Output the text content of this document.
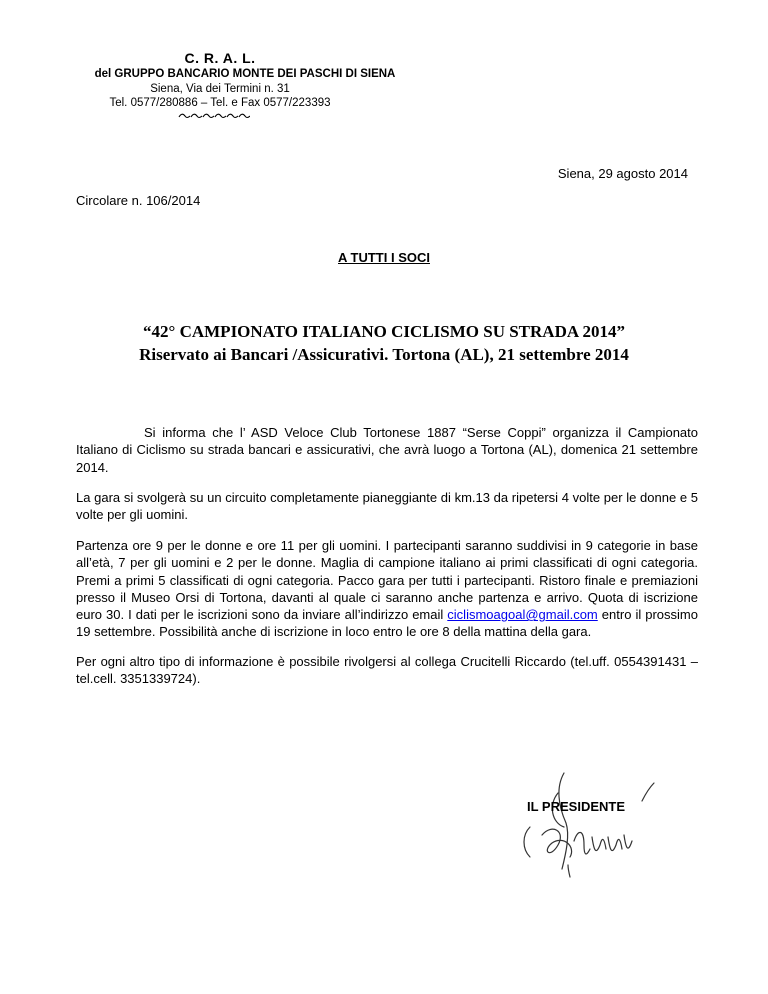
C. R. A. L.
del GRUPPO BANCARIO MONTE DEI PASCHI DI SIENA
Siena, Via dei Termini n. 31
Tel. 0577/280886 – Tel. e Fax 0577/223393
Siena, 29 agosto 2014
Circolare n. 106/2014
A TUTTI I SOCI
“42° CAMPIONATO ITALIANO CICLISMO SU STRADA 2014”
Riservato ai Bancari /Assicurativi. Tortona (AL), 21 settembre 2014
Si informa che l’ ASD Veloce Club Tortonese 1887 “Serse Coppi” organizza il Campionato Italiano di Ciclismo su strada bancari e assicurativi, che avrà luogo a Tortona (AL), domenica 21 settembre 2014.
La gara si svolgerà su un circuito completamente pianeggiante di km.13 da ripetersi 4 volte per le donne e 5 volte per gli uomini.
Partenza ore 9 per le donne e ore 11 per gli uomini. I partecipanti saranno suddivisi in 9 categorie in base all’età, 7 per gli uomini e 2 per le donne. Maglia di campione italiano ai primi classificati di ogni categoria. Premi a primi 5 classificati di ogni categoria. Pacco gara per tutti i partecipanti. Ristoro finale e premiazioni presso il Museo Orsi di Tortona, davanti al quale ci saranno anche partenza e arrivo. Quota di iscrizione euro 30. I dati per le iscrizioni sono da inviare all’indirizzo email ciclismoagoal@gmail.com entro il prossimo 19 settembre. Possibilità anche di iscrizione in loco entro le ore 8 della mattina della gara.
Per ogni altro tipo di informazione è possibile rivolgersi al collega Crucitelli Riccardo (tel.uff. 0554391431 – tel.cell. 3351339724).
IL PRESIDENTE
